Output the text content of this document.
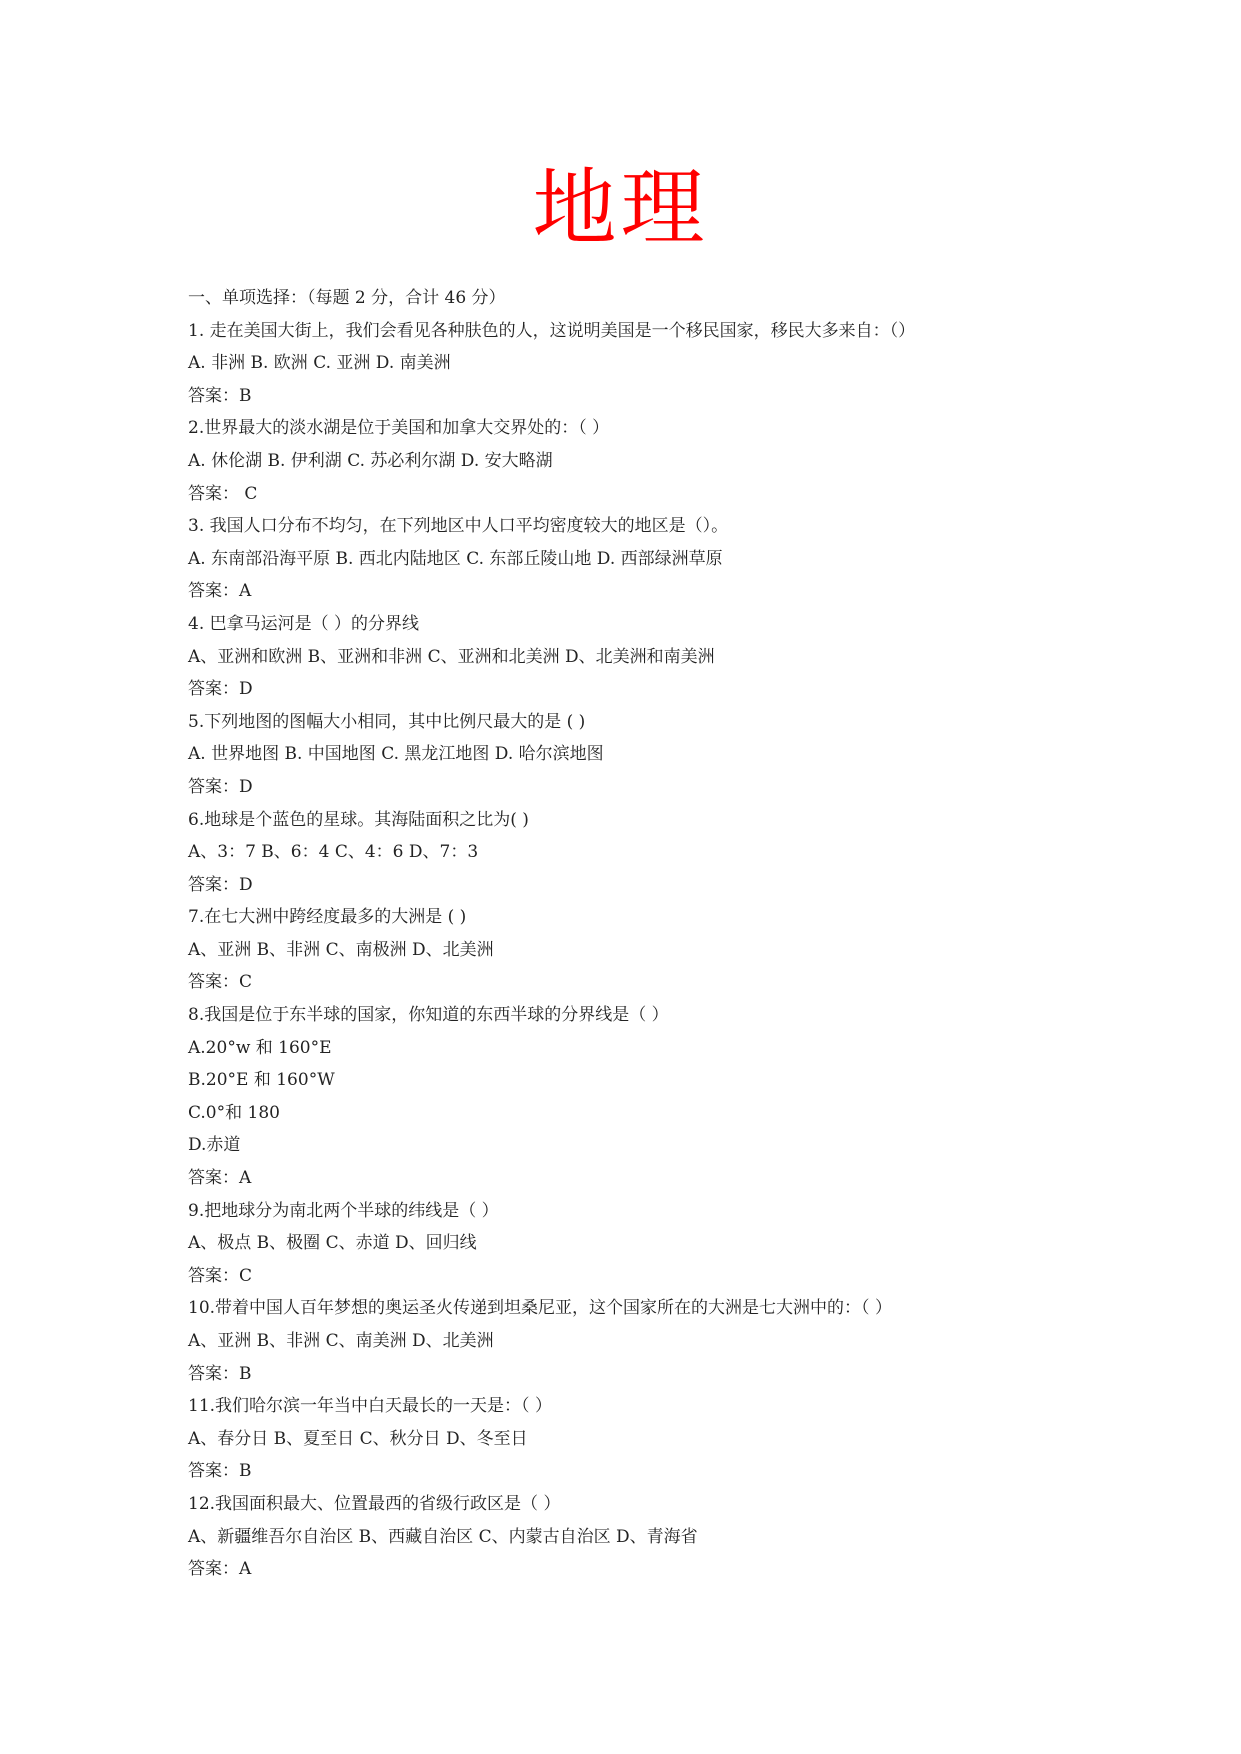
地理
一、单项选择：（每题 2 分，合计 46 分）
1. 走在美国大街上，我们会看见各种肤色的人，这说明美国是一个移民国家，移民大多来自：（）
A. 非洲 B. 欧洲 C. 亚洲 D. 南美洲
答案：B
2.世界最大的淡水湖是位于美国和加拿大交界处的：（ ）
A. 休伦湖 B. 伊利湖 C. 苏必利尔湖 D. 安大略湖
答案： C
3. 我国人口分布不均匀，在下列地区中人口平均密度较大的地区是（）。
A. 东南部沿海平原 B. 西北内陆地区 C. 东部丘陵山地 D. 西部绿洲草原
答案：A
4. 巴拿马运河是（ ）的分界线
A、亚洲和欧洲 B、亚洲和非洲 C、亚洲和北美洲 D、北美洲和南美洲
答案：D
5.下列地图的图幅大小相同，其中比例尺最大的是 ( )
A. 世界地图 B. 中国地图 C. 黑龙江地图 D. 哈尔滨地图
答案：D
6.地球是个蓝色的星球。其海陆面积之比为( )
A、3：7 B、6：4 C、4：6 D、7：3
答案：D
7.在七大洲中跨经度最多的大洲是 ( )
A、亚洲 B、非洲 C、南极洲 D、北美洲
答案：C
8.我国是位于东半球的国家，你知道的东西半球的分界线是（ ）
A.20°w 和 160°E
B.20°E 和 160°W
C.0°和 180
D.赤道
答案：A
9.把地球分为南北两个半球的纬线是（ ）
A、极点 B、极圈 C、赤道 D、回归线
答案：C
10.带着中国人百年梦想的奥运圣火传递到坦桑尼亚，这个国家所在的大洲是七大洲中的：（ ）
A、亚洲 B、非洲 C、南美洲 D、北美洲
答案：B
11.我们哈尔滨一年当中白天最长的一天是：（ ）
A、春分日 B、夏至日 C、秋分日 D、冬至日
答案：B
12.我国面积最大、位置最西的省级行政区是（ ）
A、新疆维吾尔自治区 B、西藏自治区 C、内蒙古自治区 D、青海省
答案：A
